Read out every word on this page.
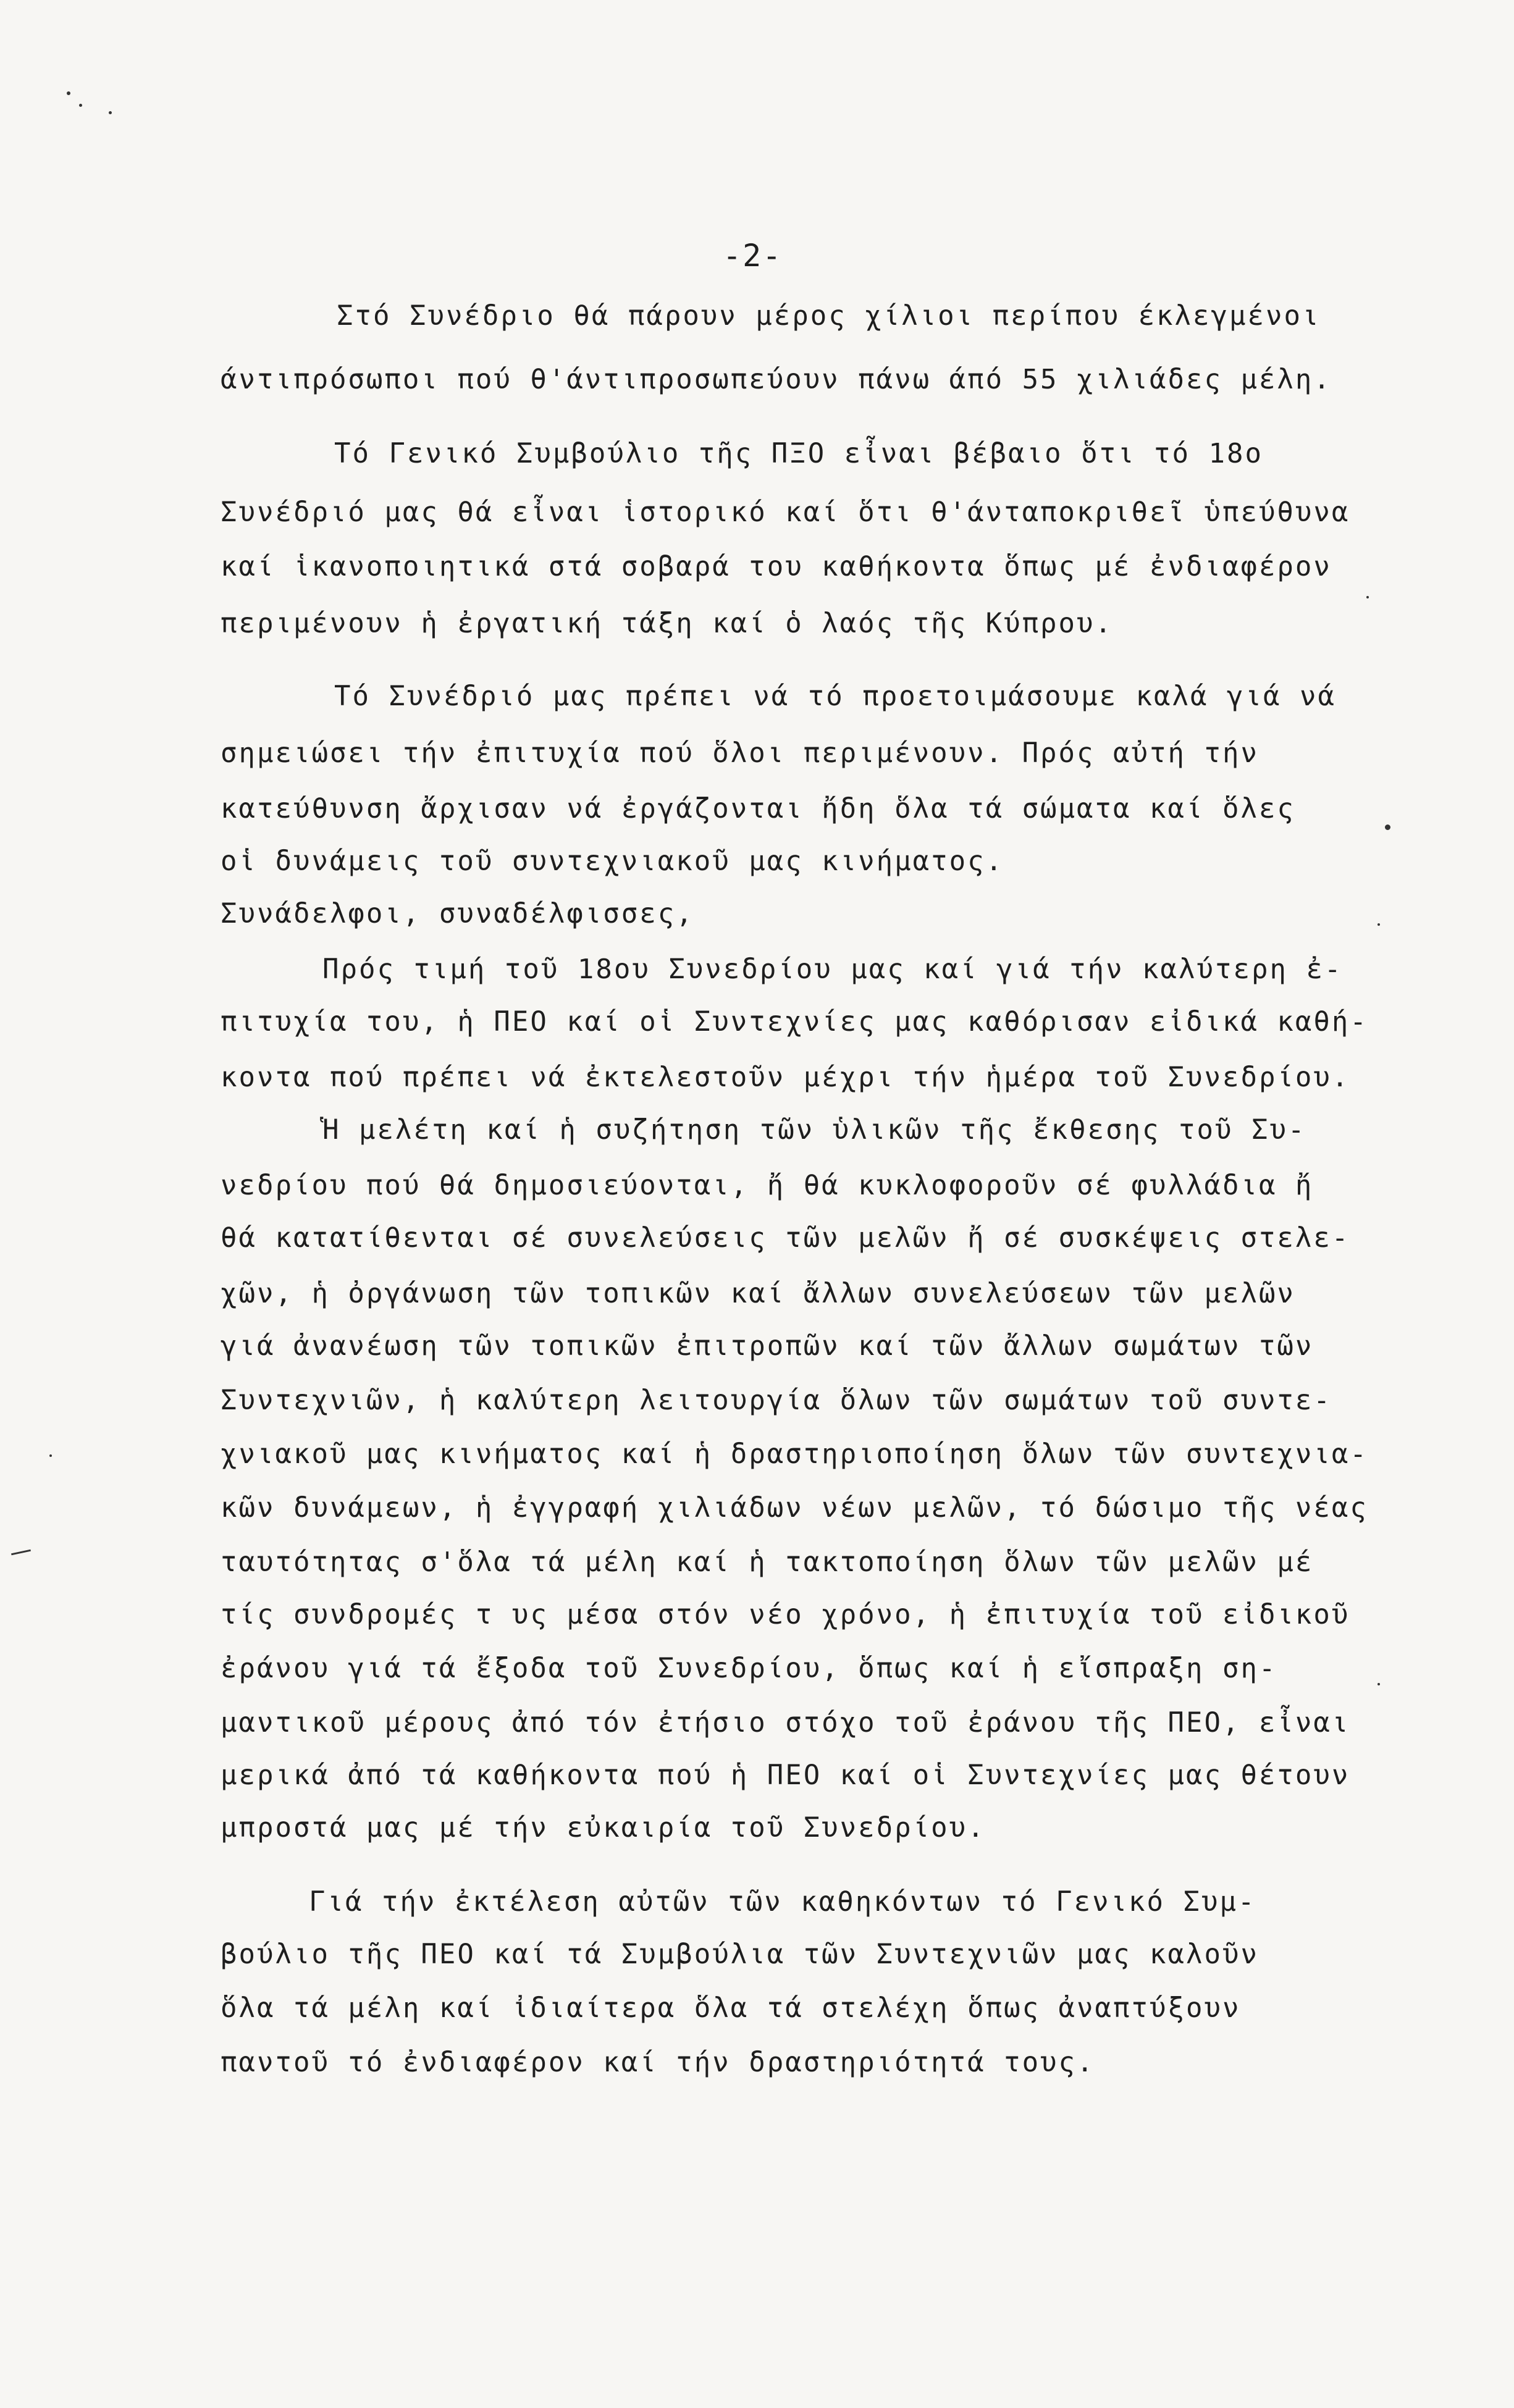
-2-
Στό Συνέδριο θά πάρουν μέρος χίλιοι περίπου έκλεγμένοι
άντιπρόσωποι πού θ'άντιπροσωπεύουν πάνω άπό 55 χιλιάδες μέλη.
Τό Γενικό Συμβούλιο τῆς ΠΞΟ εἶναι βέβαιο ὅτι τό 18ο
Συνέδριό μας θά εἶναι ἱστορικό καί ὅτι θ'άνταποκριθεῖ ὑπεύθυνα
καί ἱκανοποιητικά στά σοβαρά του καθήκοντα ὅπως μέ ἐνδιαφέρον
περιμένουν ἡ ἐργατική τάξη καί ὁ λαός τῆς Κύπρου.
Τό Συνέδριό μας πρέπει νά τό προετοιμάσουμε καλά γιά νά
σημειώσει τήν ἐπιτυχία πού ὅλοι περιμένουν. Πρός αὐτή τήν
κατεύθυνση ἄρχισαν νά ἐργάζονται ἤδη ὅλα τά σώματα καί ὅλες
οἱ δυνάμεις τοῦ συντεχνιακοῦ μας κινήματος.
Συνάδελφοι, συναδέλφισσες,
Πρός τιμή τοῦ 18ου Συνεδρίου μας καί γιά τήν καλύτερη ἐ-
πιτυχία του, ἡ ΠΕΟ καί οἱ Συντεχνίες μας καθόρισαν εἰδικά καθή-
κοντα πού πρέπει νά ἐκτελεστοῦν μέχρι τήν ἡμέρα τοῦ Συνεδρίου.
Ἡ μελέτη καί ἡ συζήτηση τῶν ὑλικῶν τῆς ἔκθεσης τοῦ Συ-
νεδρίου πού θά δημοσιεύονται, ἤ θά κυκλοφοροῦν σέ φυλλάδια ἤ
θά κατατίθενται σέ συνελεύσεις τῶν μελῶν ἤ σέ συσκέψεις στελε-
χῶν, ἡ ὀργάνωση τῶν τοπικῶν καί ἄλλων συνελεύσεων τῶν μελῶν
γιά ἀνανέωση τῶν τοπικῶν ἐπιτροπῶν καί τῶν ἄλλων σωμάτων τῶν
Συντεχνιῶν, ἡ καλύτερη λειτουργία ὅλων τῶν σωμάτων τοῦ συντε-
χνιακοῦ μας κινήματος καί ἡ δραστηριοποίηση ὅλων τῶν συντεχνια-
κῶν δυνάμεων, ἡ ἐγγραφή χιλιάδων νέων μελῶν, τό δώσιμο τῆς νέας
ταυτότητας σ'ὅλα τά μέλη καί ἡ τακτοποίηση ὅλων τῶν μελῶν μέ
τίς συνδρομές τ υς μέσα στόν νέο χρόνο, ἡ ἐπιτυχία τοῦ εἰδικοῦ
ἐράνου γιά τά ἔξοδα τοῦ Συνεδρίου, ὅπως καί ἡ εἴσπραξη ση-
μαντικοῦ μέρους ἀπό τόν ἐτήσιο στόχο τοῦ ἐράνου τῆς ΠΕΟ, εἶναι
μερικά ἀπό τά καθήκοντα πού ἡ ΠΕΟ καί οἱ Συντεχνίες μας θέτουν
μπροστά μας μέ τήν εὐκαιρία τοῦ Συνεδρίου.
Γιά τήν ἐκτέλεση αὐτῶν τῶν καθηκόντων τό Γενικό Συμ-
βούλιο τῆς ΠΕΟ καί τά Συμβούλια τῶν Συντεχνιῶν μας καλοῦν
ὅλα τά μέλη καί ἰδιαίτερα ὅλα τά στελέχη ὅπως ἀναπτύξουν
παντοῦ τό ἐνδιαφέρον καί τήν δραστηριότητά τους.
